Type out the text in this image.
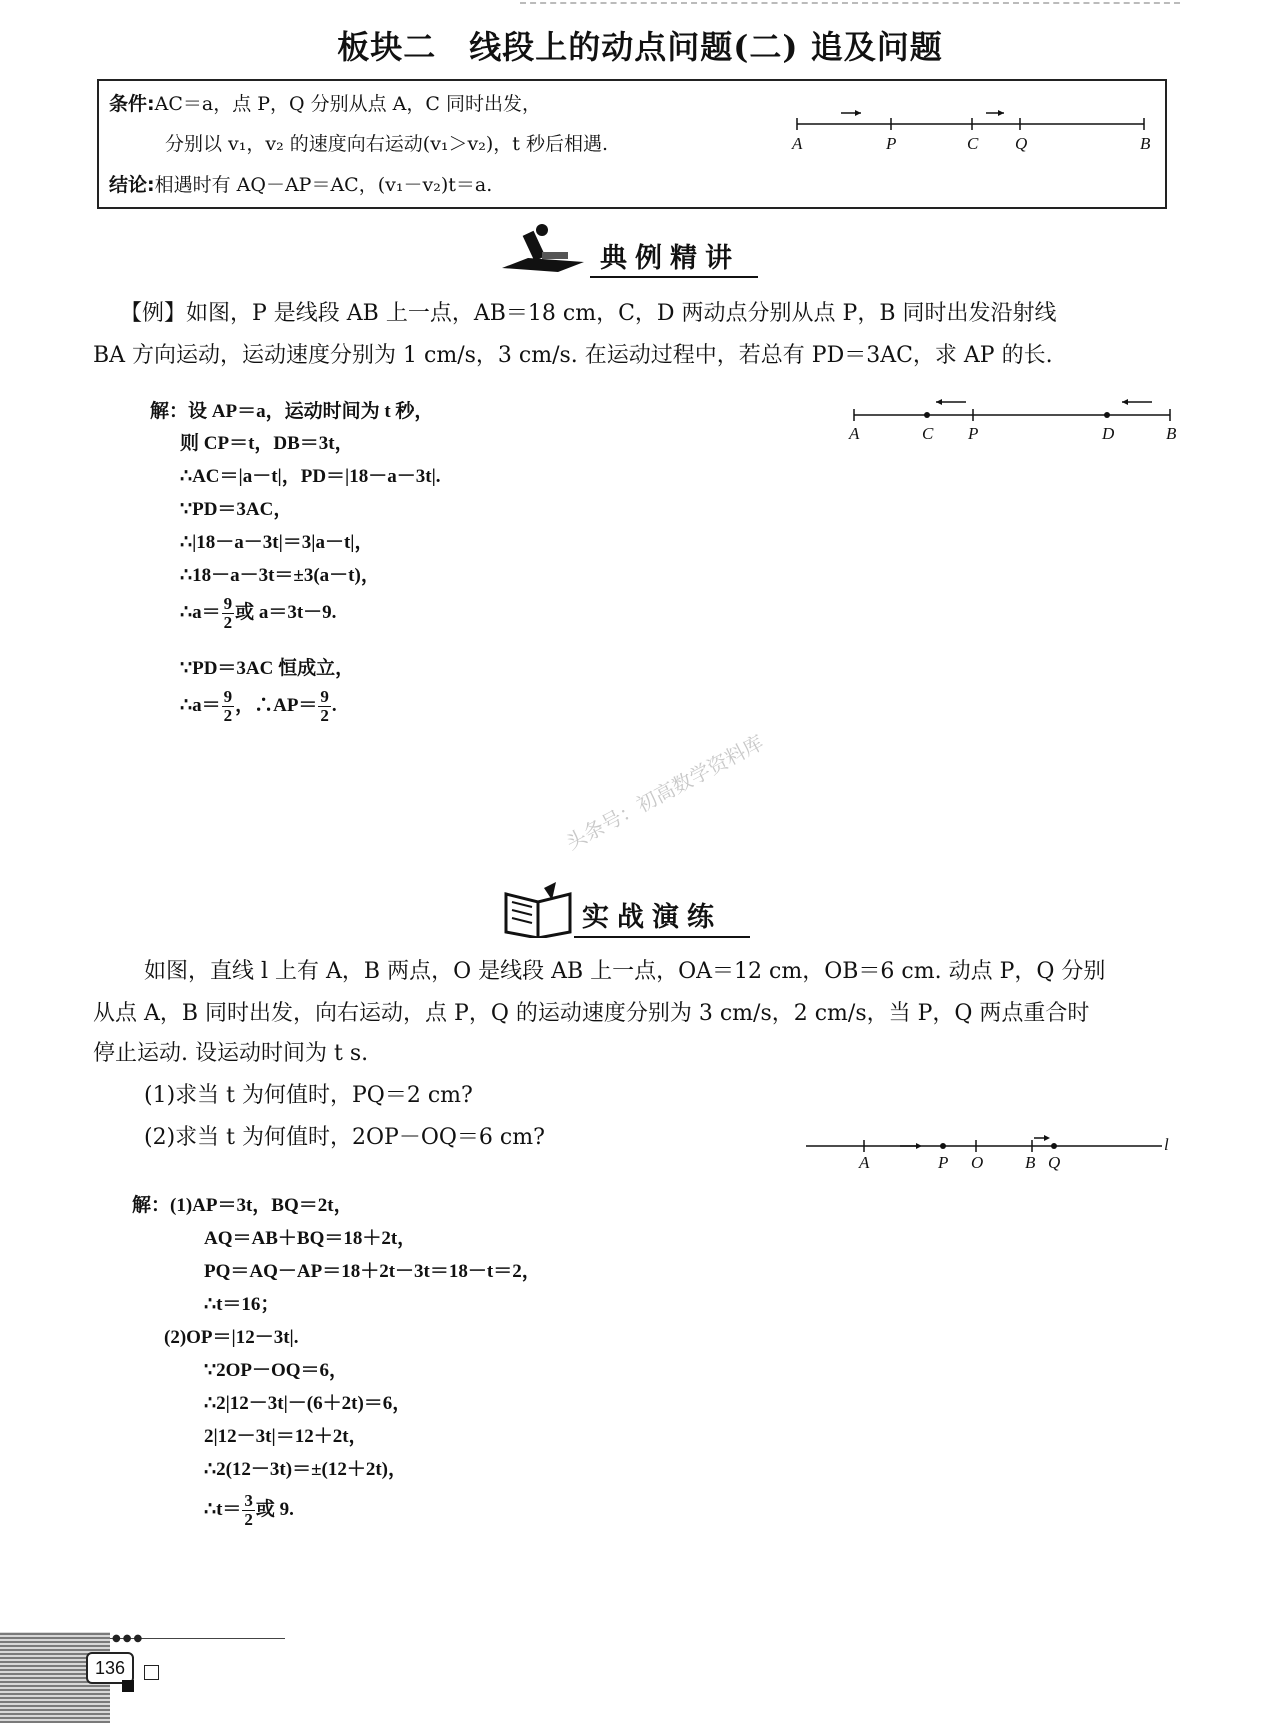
板块二　线段上的动点问题(二) 追及问题
条件:AC＝a，点 P，Q 分别从点 A，C 同时出发，
分别以 v₁，v₂ 的速度向右运动(v₁＞v₂)，t 秒后相遇.
结论:相遇时有 AQ－AP＝AC，(v₁－v₂)t＝a.
A	P	C Q	B
典例精讲
【例】如图，P 是线段 AB 上一点，AB＝18 cm，C，D 两动点分别从点 P，B 同时出发沿射线
BA 方向运动，运动速度分别为 1 cm/s，3 cm/s. 在运动过程中，若总有 PD＝3AC，求 AP 的长.
A	C P	D	B
解：设 AP＝a，运动时间为 t 秒，
则 CP＝t，DB＝3t，
∴AC＝|a－t|，PD＝|18－a－3t|.
∵PD＝3AC，
∴|18－a－3t|＝3|a－t|，
∴18－a－3t＝±3(a－t)，
∴a＝ $\frac{9}{2}$ 或 a＝3t－9.
∵PD＝3AC 恒成立，
∴a＝ $\frac{9}{2}$ ，∴AP＝ $\frac{9}{2}$ .
头条号：初高数学资料库
实战演练
如图，直线 l 上有 A，B 两点，O 是线段 AB 上一点，OA＝12 cm，OB＝6 cm. 动点 P，Q 分别
从点 A，B 同时出发，向右运动，点 P，Q 的运动速度分别为 3 cm/s，2 cm/s，当 P，Q 两点重合时
停止运动. 设运动时间为 t s.
(1)求当 t 为何值时，PQ＝2 cm?
(2)求当 t 为何值时，2OP－OQ＝6 cm?
A	P O B Q
l
解：(1)AP＝3t，BQ＝2t，
AQ＝AB＋BQ＝18＋2t，
PQ＝AQ－AP＝18＋2t－3t＝18－t＝2，
∴t＝16；
(2)OP＝|12－3t|.
∵2OP－OQ＝6，
∴2|12－3t|－(6＋2t)＝6，
2|12－3t|＝12＋2t，
∴2(12－3t)＝±(12＋2t)，
∴t＝ $\frac{3}{2}$ 或 9.
●●●
136
